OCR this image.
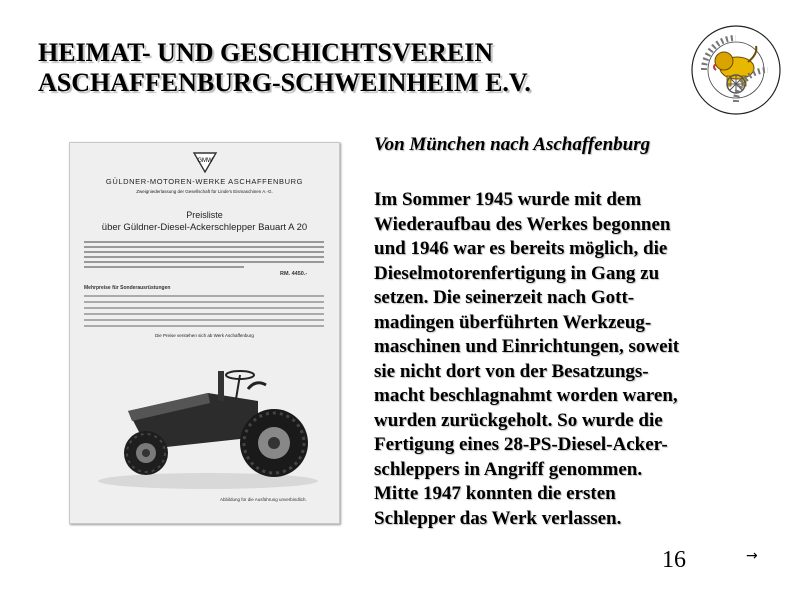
HEIMAT- UND GESCHICHTSVEREIN
ASCHAFFENBURG-SCHWEINHEIM E.V.
GMW
GÜLDNER-MOTOREN-WERKE ASCHAFFENBURG
Zweigniederlassung der Gesellschaft für Linde's Eismaschinen A.-G.
Preisliste
über Güldner-Diesel-Ackerschlepper Bauart A 20
RM. 4450.-
Mehrpreise für Sonderausrüstungen
Die Preise verstehen sich ab Werk Aschaffenburg
Abbildung für die Ausführung unverbindlich.

Von München nach Aschaffenburg

Im Sommer 1945 wurde mit dem
Wiederaufbau des Werkes begonnen
und 1946 war es bereits möglich, die
Dieselmotorenfertigung in Gang zu
setzen. Die seinerzeit nach Gott-
madingen überführten Werkzeug-
maschinen und Einrichtungen, soweit
sie nicht dort von der Besatzungs-
macht beschlagnahmt worden waren,
wurden zurückgeholt. So wurde die
Fertigung eines 28-PS-Diesel-Acker-
schleppers in Angriff genommen.
Mitte 1947 konnten die ersten
Schlepper das Werk verlassen.

16	→
